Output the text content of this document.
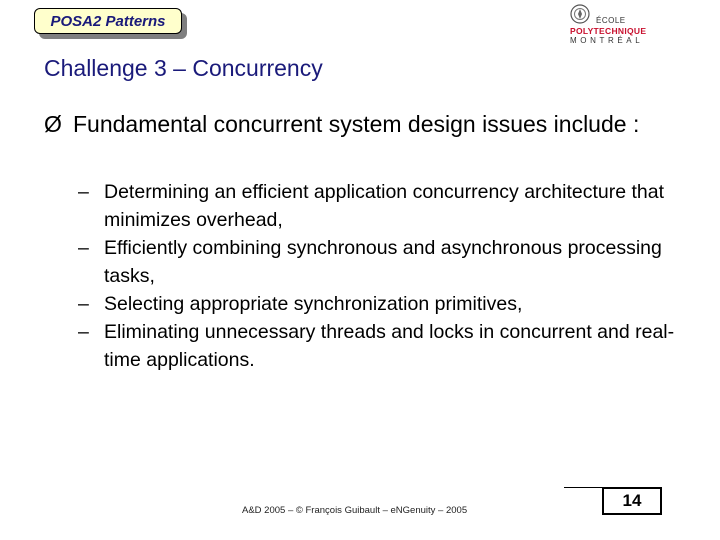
POSA2 Patterns	ÉCOLE
POLYTECHNIQUE
MONTRÉAL
Challenge 3 – Concurrency
Ø Fundamental concurrent system design issues include :
– Determining an efficient application concurrency architecture that minimizes overhead,
– Efficiently combining synchronous and asynchronous processing tasks,
– Selecting appropriate synchronization primitives,
– Eliminating unnecessary threads and locks in concurrent and real-time applications.
A&D 2005 – © François Guibault – eNGenuity – 2005
14
